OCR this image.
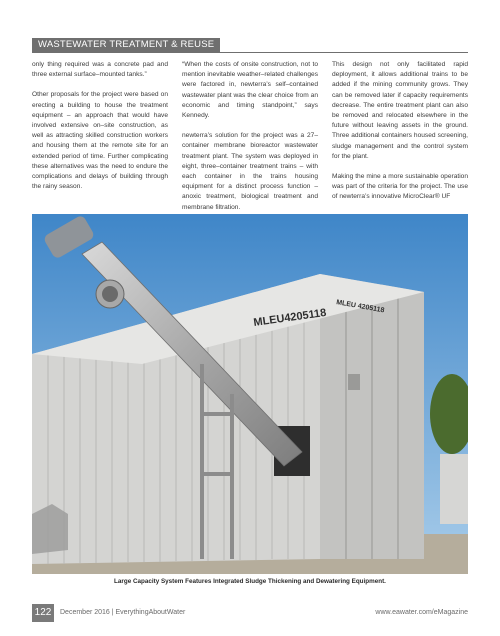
WASTEWATER TREATMENT & REUSE

only thing required was a concrete pad and three external surface–mounted tanks.”

Other proposals for the project were based on erecting a building to house the treatment equipment – an approach that would have involved extensive on–site construction, as well as attracting skilled construction workers and housing them at the remote site for an extended period of time. Further complicating these alternatives was the need to endure the complications and delays of building through the rainy season.

“When the costs of onsite construction, not to mention inevitable weather–related challenges were factored in, newterra’s self–contained wastewater plant was the clear choice from an economic and timing standpoint,” says Kennedy.

newterra’s solution for the project was a 27–container membrane bioreactor wastewater treatment plant. The system was deployed in eight, three–container treatment trains – with each container in the trains housing equipment for a distinct process function – anoxic treatment, biological treatment and membrane filtration.

This design not only facilitated rapid deployment, it allows additional trains to be added if the mining community grows. They can be removed later if capacity requirements decrease. The entire treatment plant can also be removed and relocated elsewhere in the future without leaving assets in the ground. Three additional containers housed screening, sludge management and the control system for the plant.

Making the mine a more sustainable operation was part of the criteria for the project. The use of newterra’s innovative MicroClear® UF

MLEU4205118
MLEU 4205118
Large Capacity System Features Integrated Sludge Thickening and Dewatering Equipment.
122	December 2016 | EverythingAboutWater	www.eawater.com/eMagazine
